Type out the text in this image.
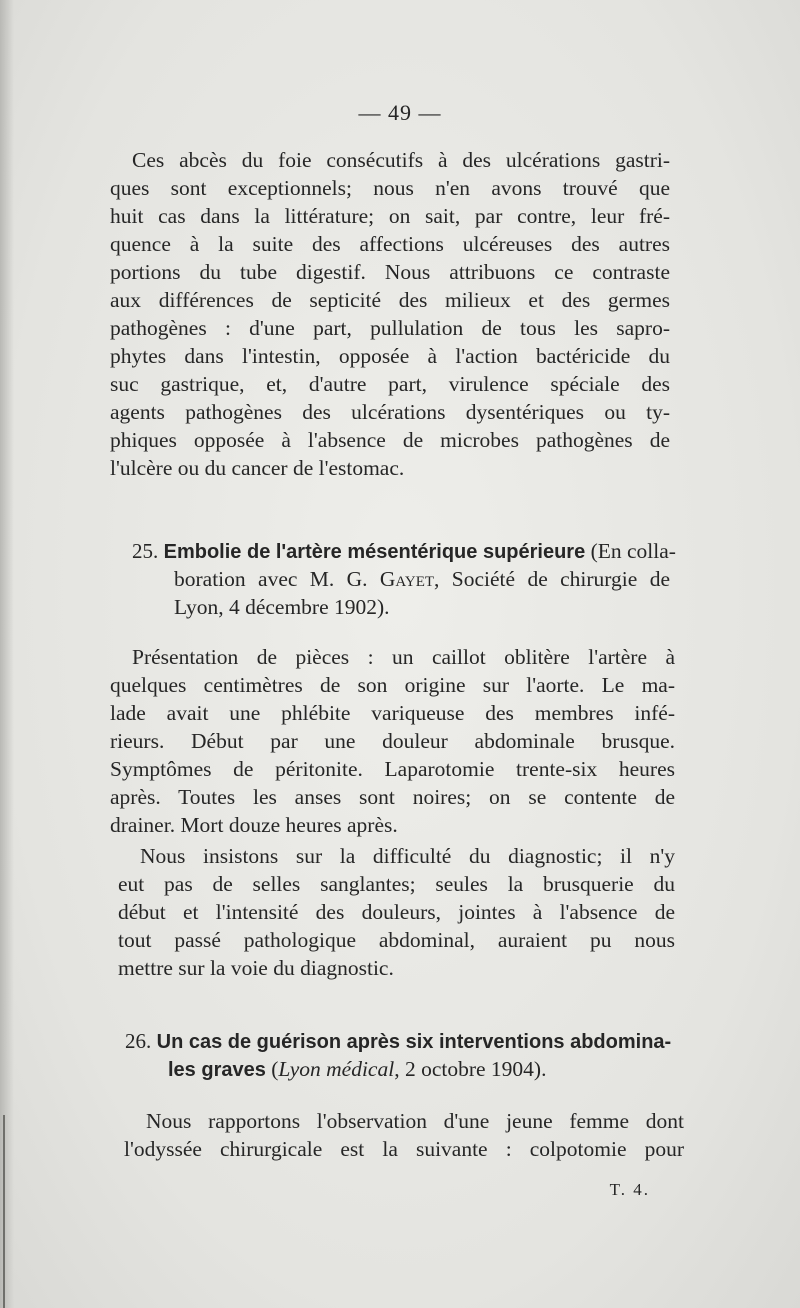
— 49 —
Ces abcès du foie consécutifs à des ulcérations gastri-
ques sont exceptionnels; nous n'en avons trouvé que
huit cas dans la littérature; on sait, par contre, leur fré-
quence à la suite des affections ulcéreuses des autres
portions du tube digestif. Nous attribuons ce contraste
aux différences de septicité des milieux et des germes
pathogènes : d'une part, pullulation de tous les sapro-
phytes dans l'intestin, opposée à l'action bactéricide du
suc gastrique, et, d'autre part, virulence spéciale des
agents pathogènes des ulcérations dysentériques ou ty-
phiques opposée à l'absence de microbes pathogènes de
l'ulcère ou du cancer de l'estomac.
25. Embolie de l'artère mésentérique supérieure (En colla-
boration avec M. G. Gayet, Société de chirurgie de
Lyon, 4 décembre 1902).
Présentation de pièces : un caillot oblitère l'artère à
quelques centimètres de son origine sur l'aorte. Le ma-
lade avait une phlébite variqueuse des membres infé-
rieurs. Début par une douleur abdominale brusque.
Symptômes de péritonite. Laparotomie trente-six heures
après. Toutes les anses sont noires; on se contente de
drainer. Mort douze heures après.
Nous insistons sur la difficulté du diagnostic; il n'y
eut pas de selles sanglantes; seules la brusquerie du
début et l'intensité des douleurs, jointes à l'absence de
tout passé pathologique abdominal, auraient pu nous
mettre sur la voie du diagnostic.
26. Un cas de guérison après six interventions abdomina-
les graves (Lyon médical, 2 octobre 1904).
Nous rapportons l'observation d'une jeune femme dont
l'odyssée chirurgicale est la suivante : colpotomie pour
T. 4.
